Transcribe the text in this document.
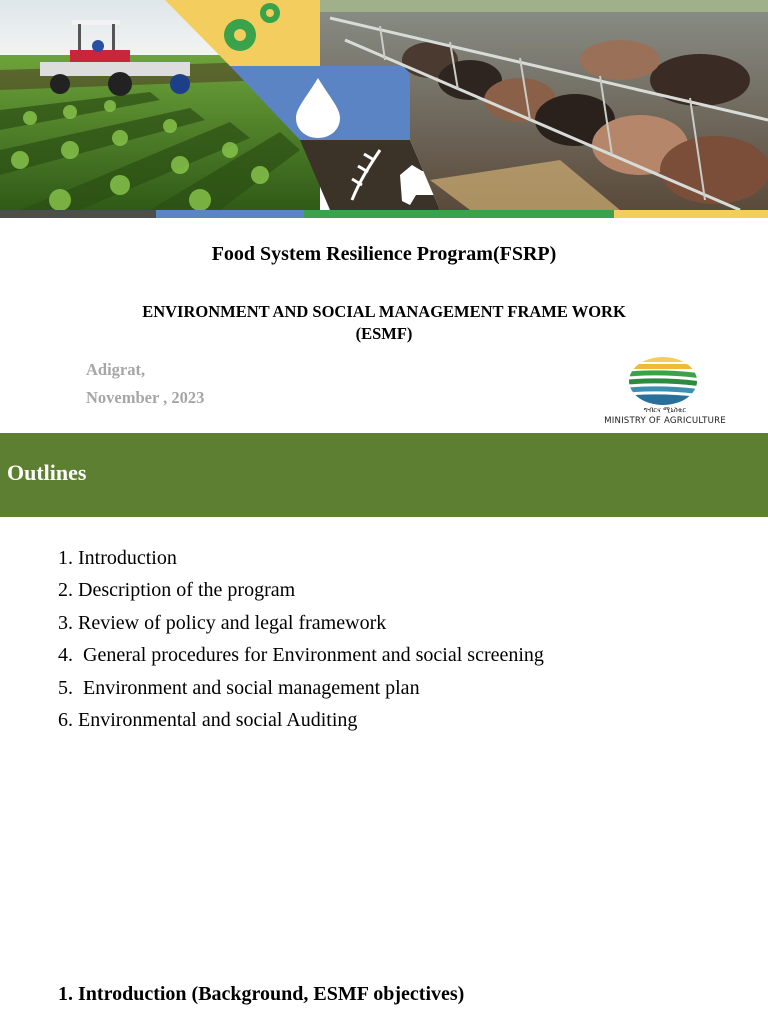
Food System Resilience Program(FSRP)
ENVIRONMENT AND SOCIAL MANAGEMENT FRAME WORK
(ESMF)
Adigrat,
November , 2023
ግብርና ሚኒስቴር
MINISTRY OF AGRICULTURE
Outlines
1. Introduction
2. Description of the program
3. Review of policy and legal framework
4.  General procedures for Environment and social screening
5.  Environment and social management plan
6. Environmental and social Auditing
1. Introduction (Background, ESMF objectives)
